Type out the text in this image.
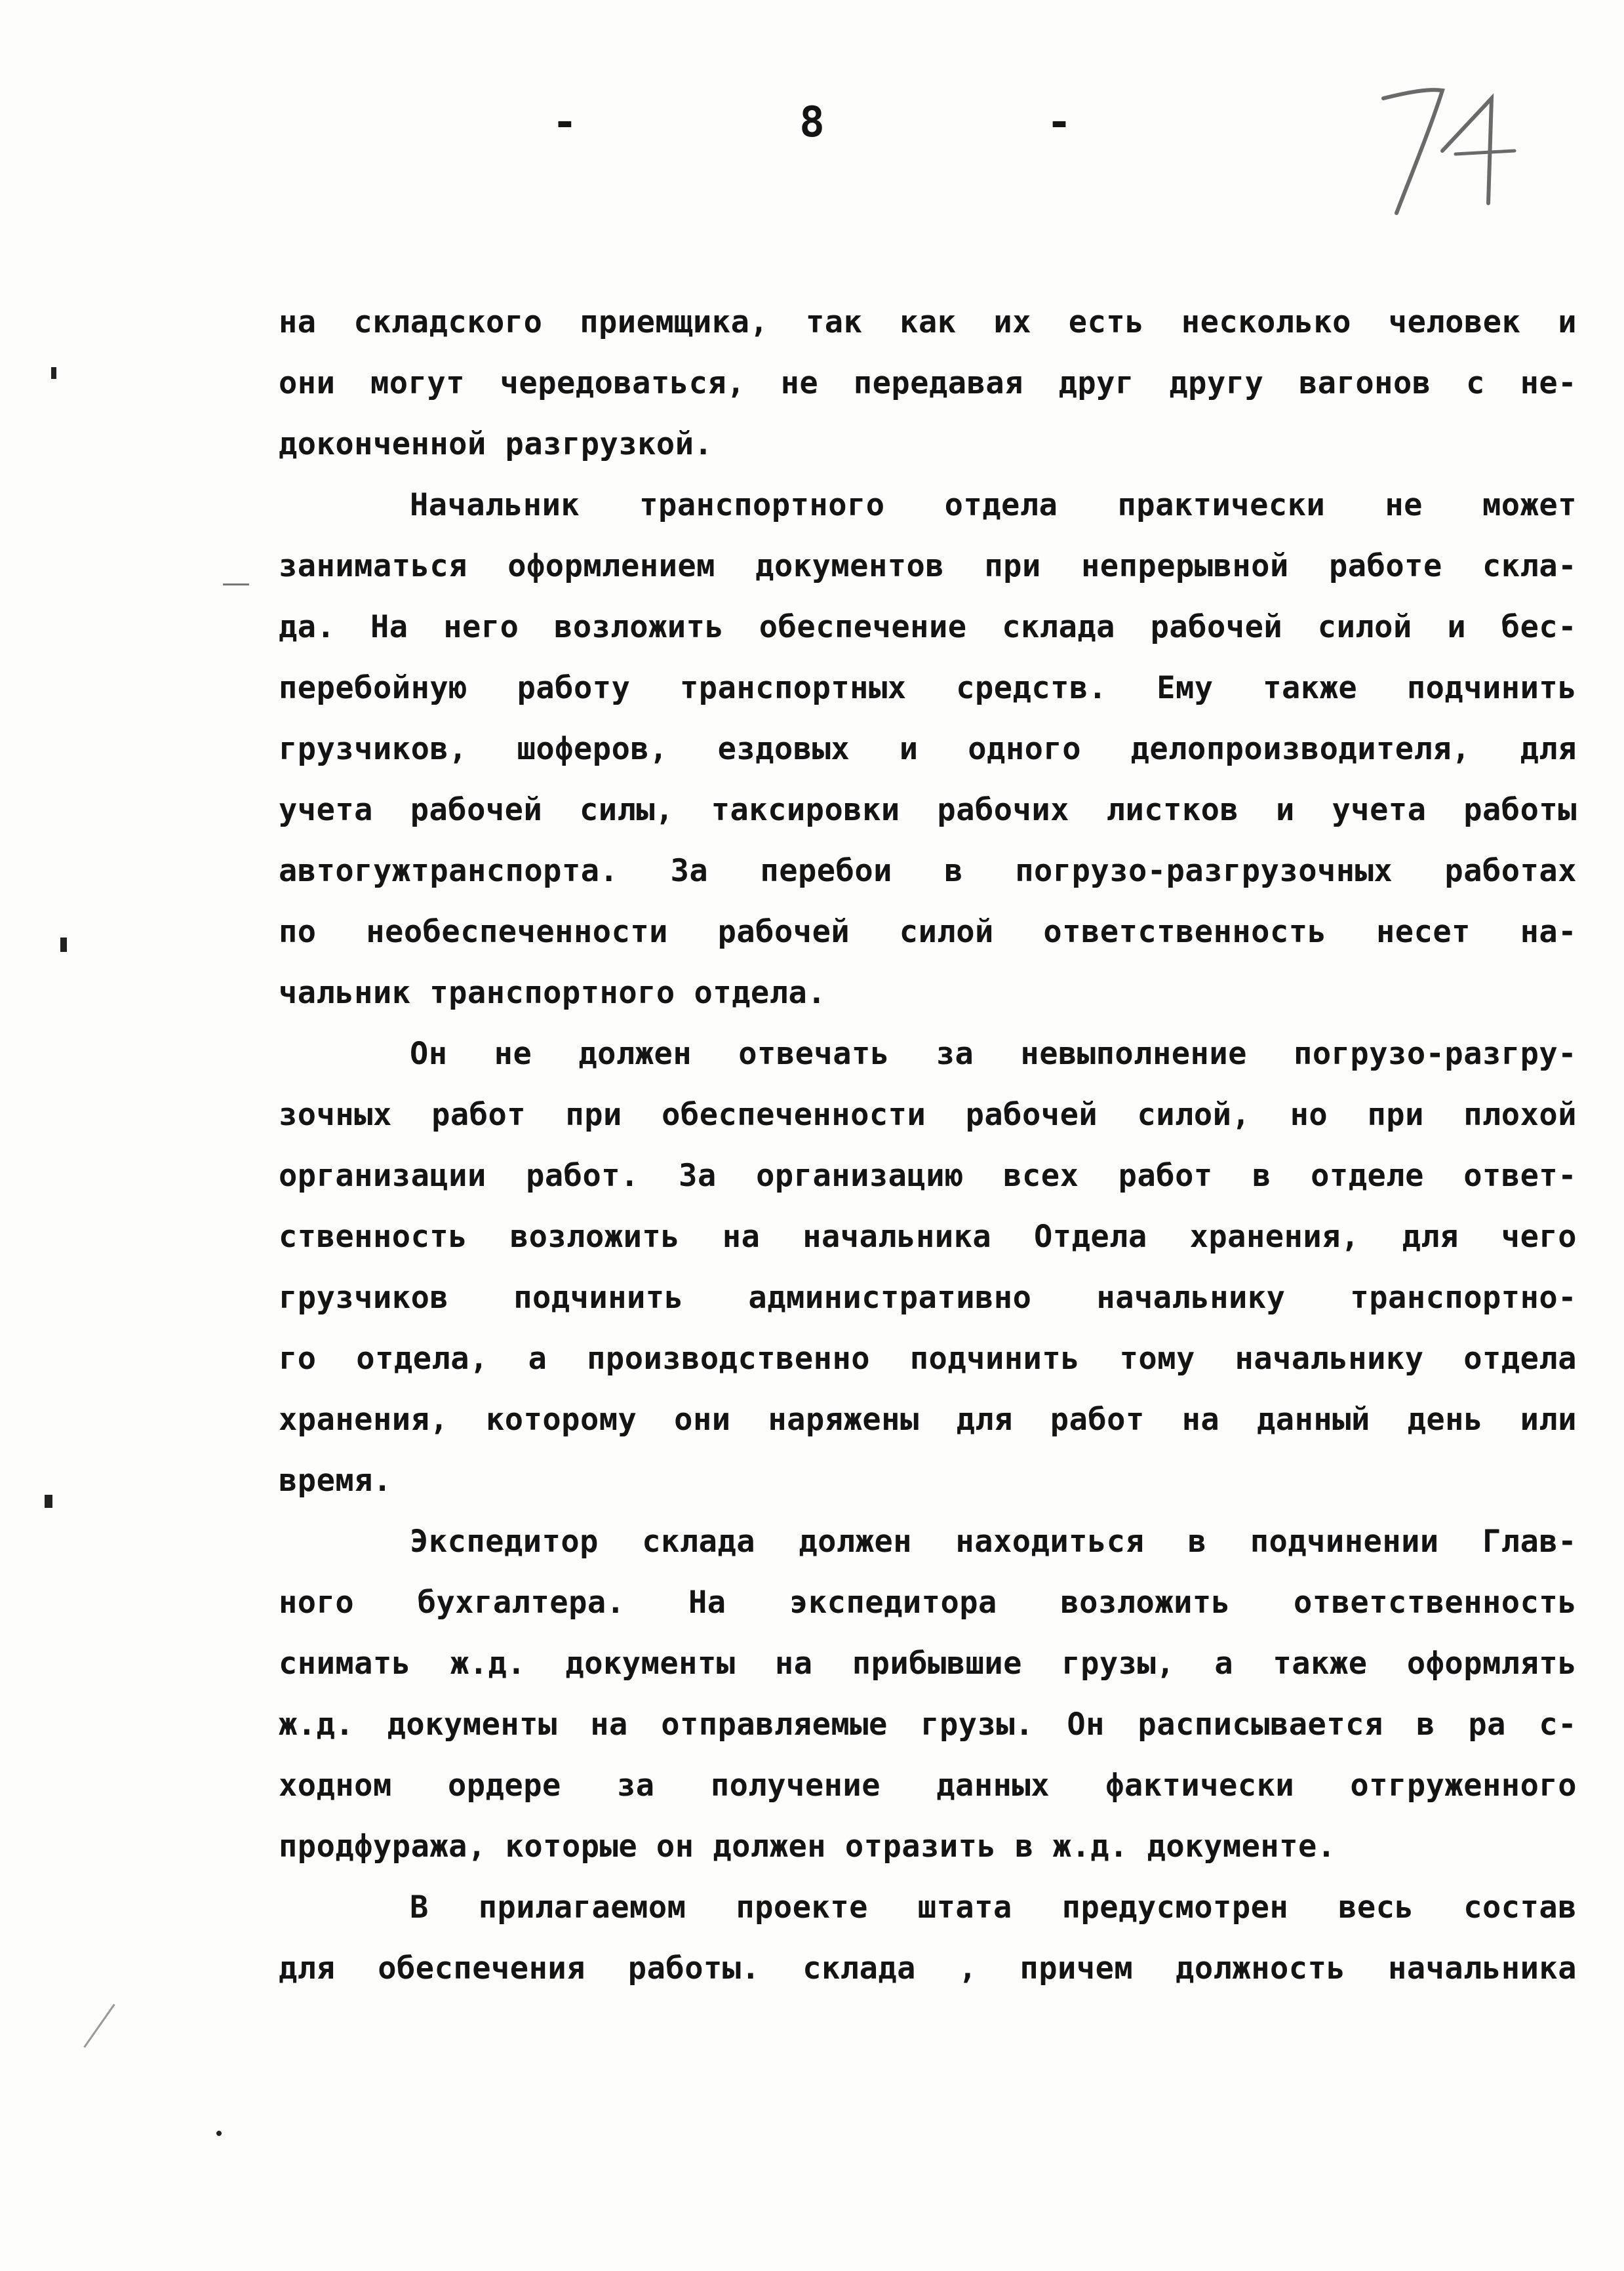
- 8 -
на складского приемщика, так как их есть несколько человек и
они могут чередоваться, не передавая друг другу вагонов с не-
доконченной разгрузкой.
Начальник транспортного отдела практически не может
заниматься оформлением документов при непрерывной работе скла-
да. На него возложить обеспечение склада рабочей силой и бес-
перебойную работу транспортных средств. Ему также подчинить
грузчиков, шоферов, ездовых и одного делопроизводителя, для
учета рабочей силы, таксировки рабочих листков и учета работы
автогужтранспорта. За перебои в погрузо-разгрузочных работах
по необеспеченности рабочей силой ответственность несет на-
чальник транспортного отдела.
Он не должен отвечать за невыполнение погрузо-разгру-
зочных работ при обеспеченности рабочей силой, но при плохой
организации работ. За организацию всех работ в отделе ответ-
ственность возложить на начальника Отдела хранения, для чего
грузчиков подчинить административно начальнику транспортно-
го отдела, а производственно подчинить тому начальнику отдела
хранения, которому они наряжены для работ на данный день или
время.
Экспедитор склада должен находиться в подчинении Глав-
ного бухгалтера. На экспедитора возложить ответственность
снимать ж.д. документы на прибывшие грузы, а также оформлять
ж.д. документы на отправляемые грузы. Он расписывается в ра с-
ходном ордере за получение данных фактически отгруженного
продфуража, которые он должен отразить в ж.д. документе.
В прилагаемом проекте штата предусмотрен весь состав
для обеспечения работы. склада , причем должность начальника
